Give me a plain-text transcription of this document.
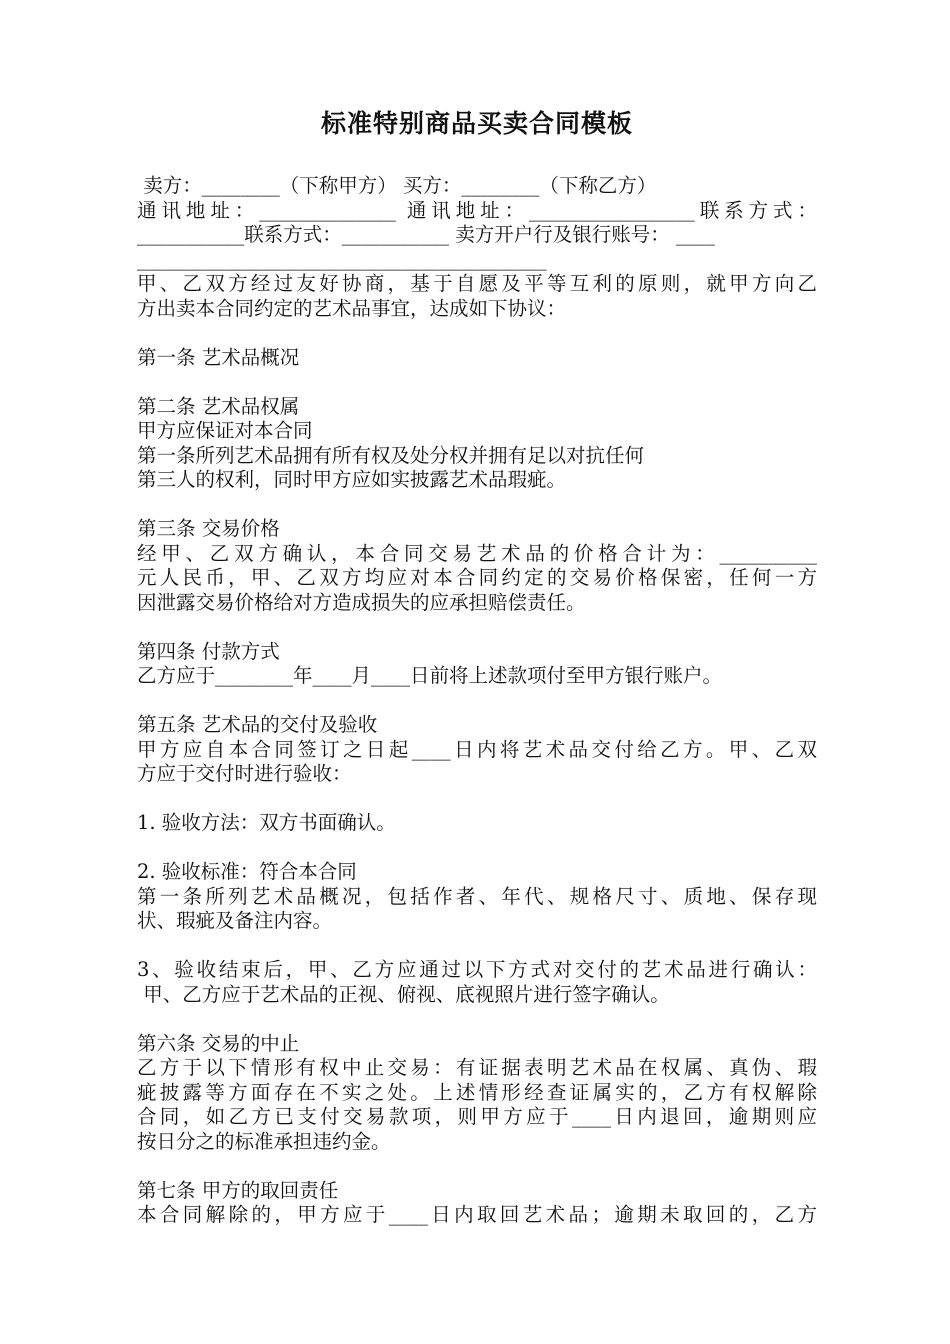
标准特别商品买卖合同模板
卖方：________（下称甲方） 买方：________（下称乙方）
通讯地址：______________ 通讯地址：_________________联系方式：
___________联系方式：___________ 卖方开户行及银行账号： ____
__________________________________________
甲、乙双方经过友好协商，基于自愿及平等互利的原则，就甲方向乙
方出卖本合同约定的艺术品事宜，达成如下协议：
第一条 艺术品概况
第二条 艺术品权属
甲方应保证对本合同
第一条所列艺术品拥有所有权及处分权并拥有足以对抗任何
第三人的权利，同时甲方应如实披露艺术品瑕疵。
第三条 交易价格
经甲、乙双方确认，本合同交易艺术品的价格合计为：__________
元人民币，甲、乙双方均应对本合同约定的交易价格保密，任何一方
因泄露交易价格给对方造成损失的应承担赔偿责任。
第四条 付款方式
乙方应于________年____月____日前将上述款项付至甲方银行账户。
第五条 艺术品的交付及验收
甲方应自本合同签订之日起____日内将艺术品交付给乙方。甲、乙双
方应于交付时进行验收：
1. 验收方法：双方书面确认。
2. 验收标准：符合本合同
第一条所列艺术品概况，包括作者、年代、规格尺寸、质地、保存现
状、瑕疵及备注内容。
3、验收结束后，甲、乙方应通过以下方式对交付的艺术品进行确认：
甲、乙方应于艺术品的正视、俯视、底视照片进行签字确认。
第六条 交易的中止
乙方于以下情形有权中止交易：有证据表明艺术品在权属、真伪、瑕
疵披露等方面存在不实之处。上述情形经查证属实的，乙方有权解除
合同，如乙方已支付交易款项，则甲方应于____日内退回，逾期则应
按日分之的标准承担违约金。
第七条 甲方的取回责任
本合同解除的，甲方应于____日内取回艺术品；逾期未取回的，乙方
